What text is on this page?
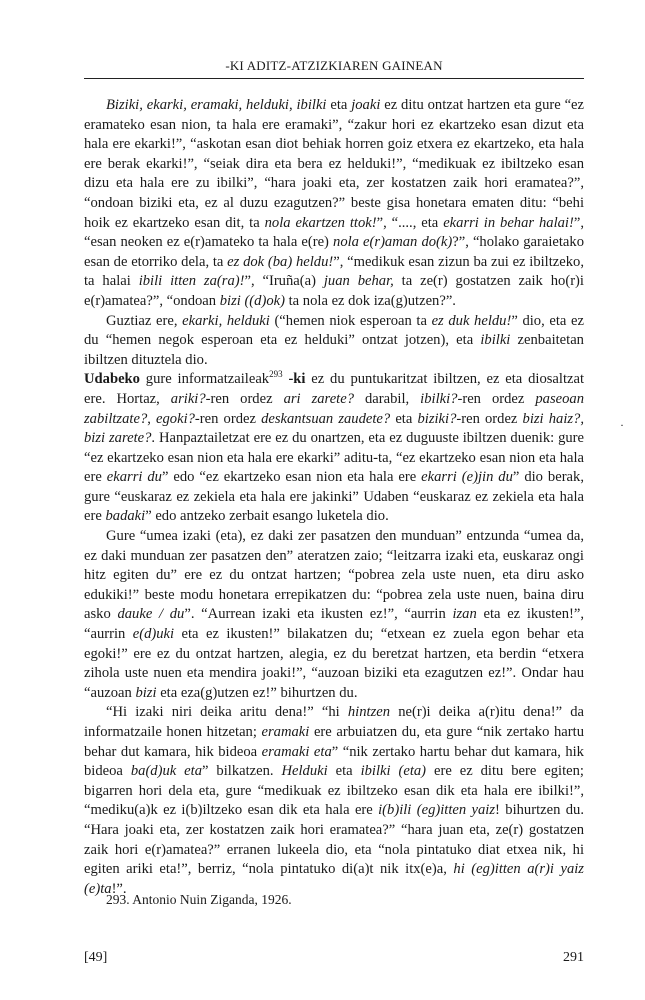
-KI ADITZ-ATZIZKIAREN GAINEAN

Biziki, ekarki, eramaki, helduki, ibilki eta joaki ez ditu ontzat hartzen eta gure “ez eramateko esan nion, ta hala ere eramaki”, “zakur hori ez ekartzeko esan dizut eta hala ere ekarki!”, “askotan esan diot behiak horren goiz etxera ez ekartzeko, eta hala ere berak ekarki!”, “seiak dira eta bera ez helduki!”, “medikuak ez ibiltzeko esan dizu eta hala ere zu ibilki”, “hara joaki eta, zer kostatzen zaik hori eramatea?”, “ondoan biziki eta, ez al duzu ezagutzen?” beste gisa honetara ematen ditu: “behi hoik ez ekartzeko esan dit, ta nola ekartzen ttok!”, “...., eta ekarri in behar halai!”, “esan neoken ez e(r)amateko ta hala e(re) nola e(r)aman do(k)?”, “holako garaietako esan de etorriko dela, ta ez dok (ba) heldu!”, “medikuk esan zizun ba zui ez ibiltzeko, ta halai ibili itten za(ra)!”, “Iruña(a) juan behar, ta ze(r) gostatzen zaik ho(r)i e(r)amatea?”, “ondoan bizi ((d)ok) ta nola ez dok iza(g)utzen?”.

Guztiaz ere, ekarki, helduki (“hemen niok esperoan ta ez duk heldu!” dio, eta ez du “hemen negok esperoan eta ez helduki” ontzat jotzen), eta ibilki zenbaitetan ibiltzen dituztela dio.

Udabeko gure informatzaileak$^{293}$ -ki ez du puntukaritzat ibiltzen, ez eta diosaltzat ere. Hortaz, ariki?-ren ordez ari zarete? darabil, ibilki?-ren ordez paseoan zabiltzate?, egoki?-ren ordez deskantsuan zaudete? eta biziki?-ren ordez bizi haiz?, bizi zarete?. Hanpaztailetzat ere ez du onartzen, eta ez duguuste ibiltzen duenik: gure “ez ekartzeko esan nion eta hala ere ekarki” aditu-ta, “ez ekartzeko esan nion eta hala ere ekarri du” edo “ez ekartzeko esan nion eta hala ere ekarri (e)jin du” dio berak, gure “euskaraz ez zekiela eta hala ere jakinki” Udaben “euskaraz ez zekiela eta hala ere badaki” edo antzeko zerbait esango luketela dio.

Gure “umea izaki (eta), ez daki zer pasatzen den munduan” entzunda “umea da, ez daki munduan zer pasatzen den” ateratzen zaio; “leitzarra izaki eta, euskaraz ongi hitz egiten du” ere ez du ontzat hartzen; “pobrea zela uste nuen, eta diru asko edukiki!” beste modu honetara errepikatzen du: “pobrea zela uste nuen, baina diru asko dauke / du”. “Aurrean izaki eta ikusten ez!”, “aurrin izan eta ez ikusten!”, “aurrin e(d)uki eta ez ikusten!” bilakatzen du; “etxean ez zuela egon behar eta egoki!” ere ez du ontzat hartzen, alegia, ez du beretzat hartzen, eta berdin “etxera zihola uste nuen eta mendira joaki!”, “auzoan biziki eta ezagutzen ez!”. Ondar hau “auzoan bizi eta eza(g)utzen ez!” bihurtzen du.

“Hi izaki niri deika aritu dena!” “hi hintzen ne(r)i deika a(r)itu dena!” da informatzaile honen hitzetan; eramaki ere arbuiatzen du, eta gure “nik zertako hartu behar dut kamara, hik bideoa eramaki eta” “nik zertako hartu behar dut kamara, hik bideoa ba(d)uk eta” bilkatzen. Helduki eta ibilki (eta) ere ez ditu bere egiten; bigarren hori dela eta, gure “medikuak ez ibiltzeko esan dik eta hala ere ibilki!”, “mediku(a)k ez i(b)iltzeko esan dik eta hala ere i(b)ili (eg)itten yaiz! bihurtzen du. “Hara joaki eta, zer kostatzen zaik hori eramatea?” “hara juan eta, ze(r) gostatzen zaik hori e(r)amatea?” erranen lukeela dio, eta “nola pintatuko diat etxea nik, hi egiten ariki eta!”, berriz, “nola pintatuko di(a)t nik itx(e)a, hi (eg)itten a(r)i yaiz (e)ta!”.

·
293. Antonio Nuin Ziganda, 1926.
[49]	291
